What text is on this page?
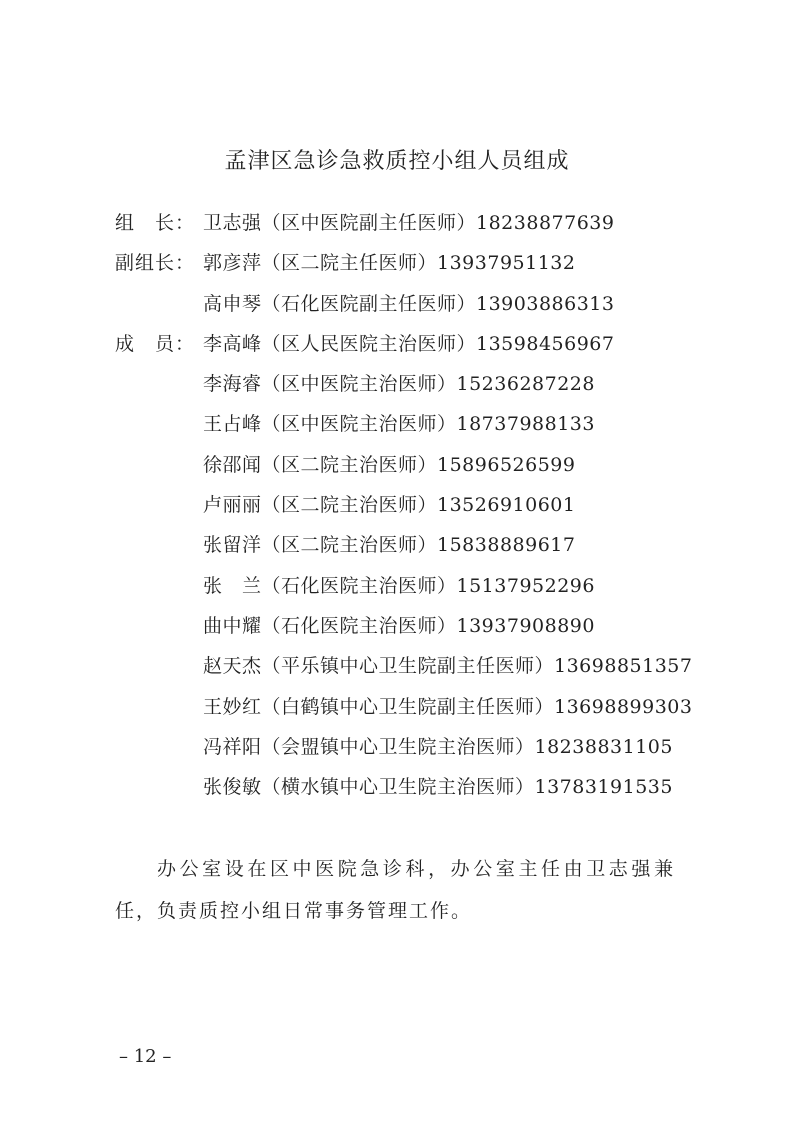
孟津区急诊急救质控小组人员组成
组　长： 卫志强（区中医院副主任医师）18238877639
副组长： 郭彦萍（区二院主任医师）13937951132
高申琴（石化医院副主任医师）13903886313
成　员： 李高峰（区人民医院主治医师）13598456967
李海睿（区中医院主治医师）15236287228
王占峰（区中医院主治医师）18737988133
徐邵闻（区二院主治医师）15896526599
卢丽丽（区二院主治医师）13526910601
张留洋（区二院主治医师）15838889617
张　兰（石化医院主治医师）15137952296
曲中耀（石化医院主治医师）13937908890
赵天杰（平乐镇中心卫生院副主任医师）13698851357
王妙红（白鹤镇中心卫生院副主任医师）13698899303
冯祥阳（会盟镇中心卫生院主治医师）18238831105
张俊敏（横水镇中心卫生院主治医师）13783191535
办公室设在区中医院急诊科，办公室主任由卫志强兼任，负责质控小组日常事务管理工作。
– 12 –
